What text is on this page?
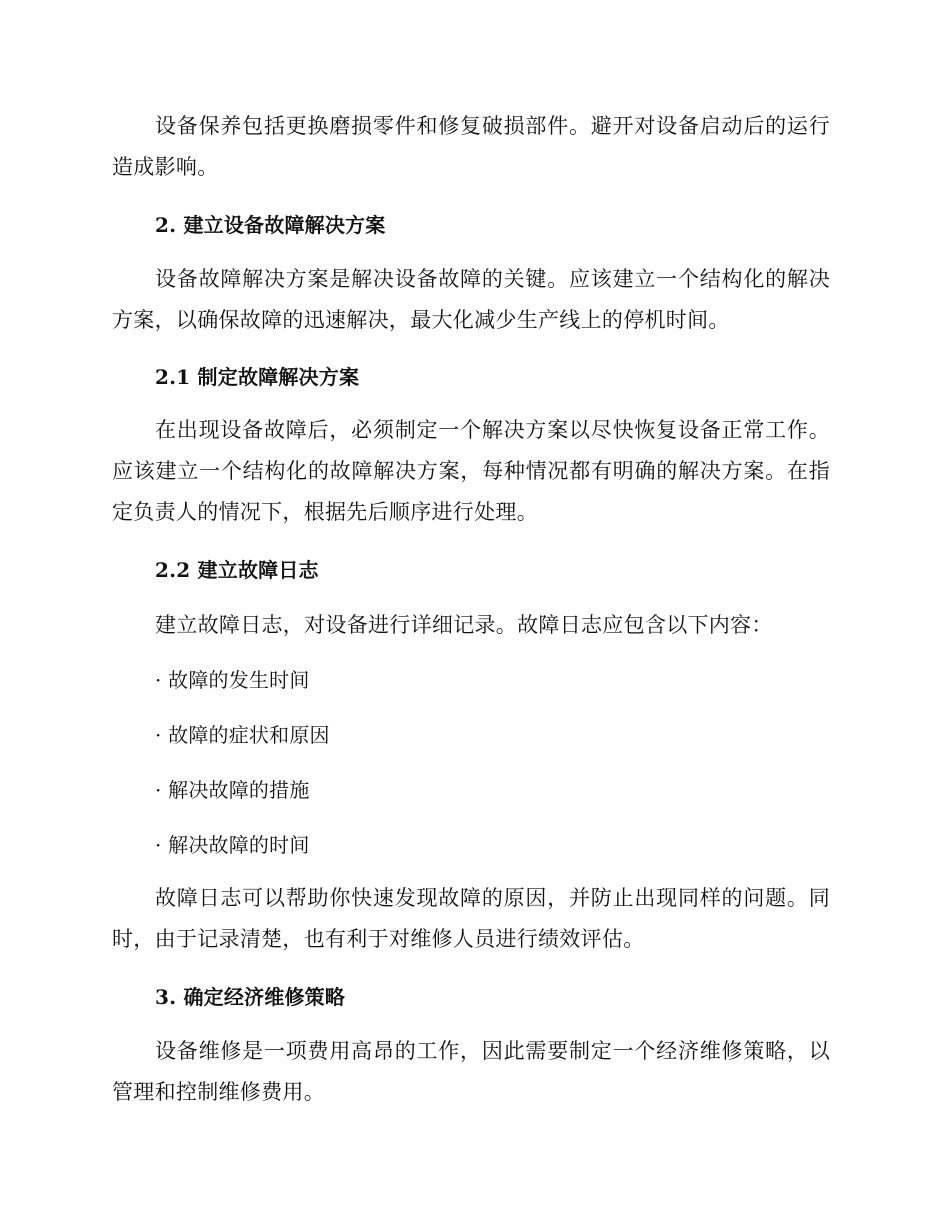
设备保养包括更换磨损零件和修复破损部件。避开对设备启动后的运行造成影响。

2. 建立设备故障解决方案

设备故障解决方案是解决设备故障的关键。应该建立一个结构化的解决方案，以确保故障的迅速解决，最大化减少生产线上的停机时间。

2.1 制定故障解决方案

在出现设备故障后，必须制定一个解决方案以尽快恢复设备正常工作。应该建立一个结构化的故障解决方案，每种情况都有明确的解决方案。在指定负责人的情况下，根据先后顺序进行处理。

2.2 建立故障日志

建立故障日志，对设备进行详细记录。故障日志应包含以下内容：

· 故障的发生时间

· 故障的症状和原因

· 解决故障的措施

· 解决故障的时间

故障日志可以帮助你快速发现故障的原因，并防止出现同样的问题。同时，由于记录清楚，也有利于对维修人员进行绩效评估。

3. 确定经济维修策略

设备维修是一项费用高昂的工作，因此需要制定一个经济维修策略，以管理和控制维修费用。
